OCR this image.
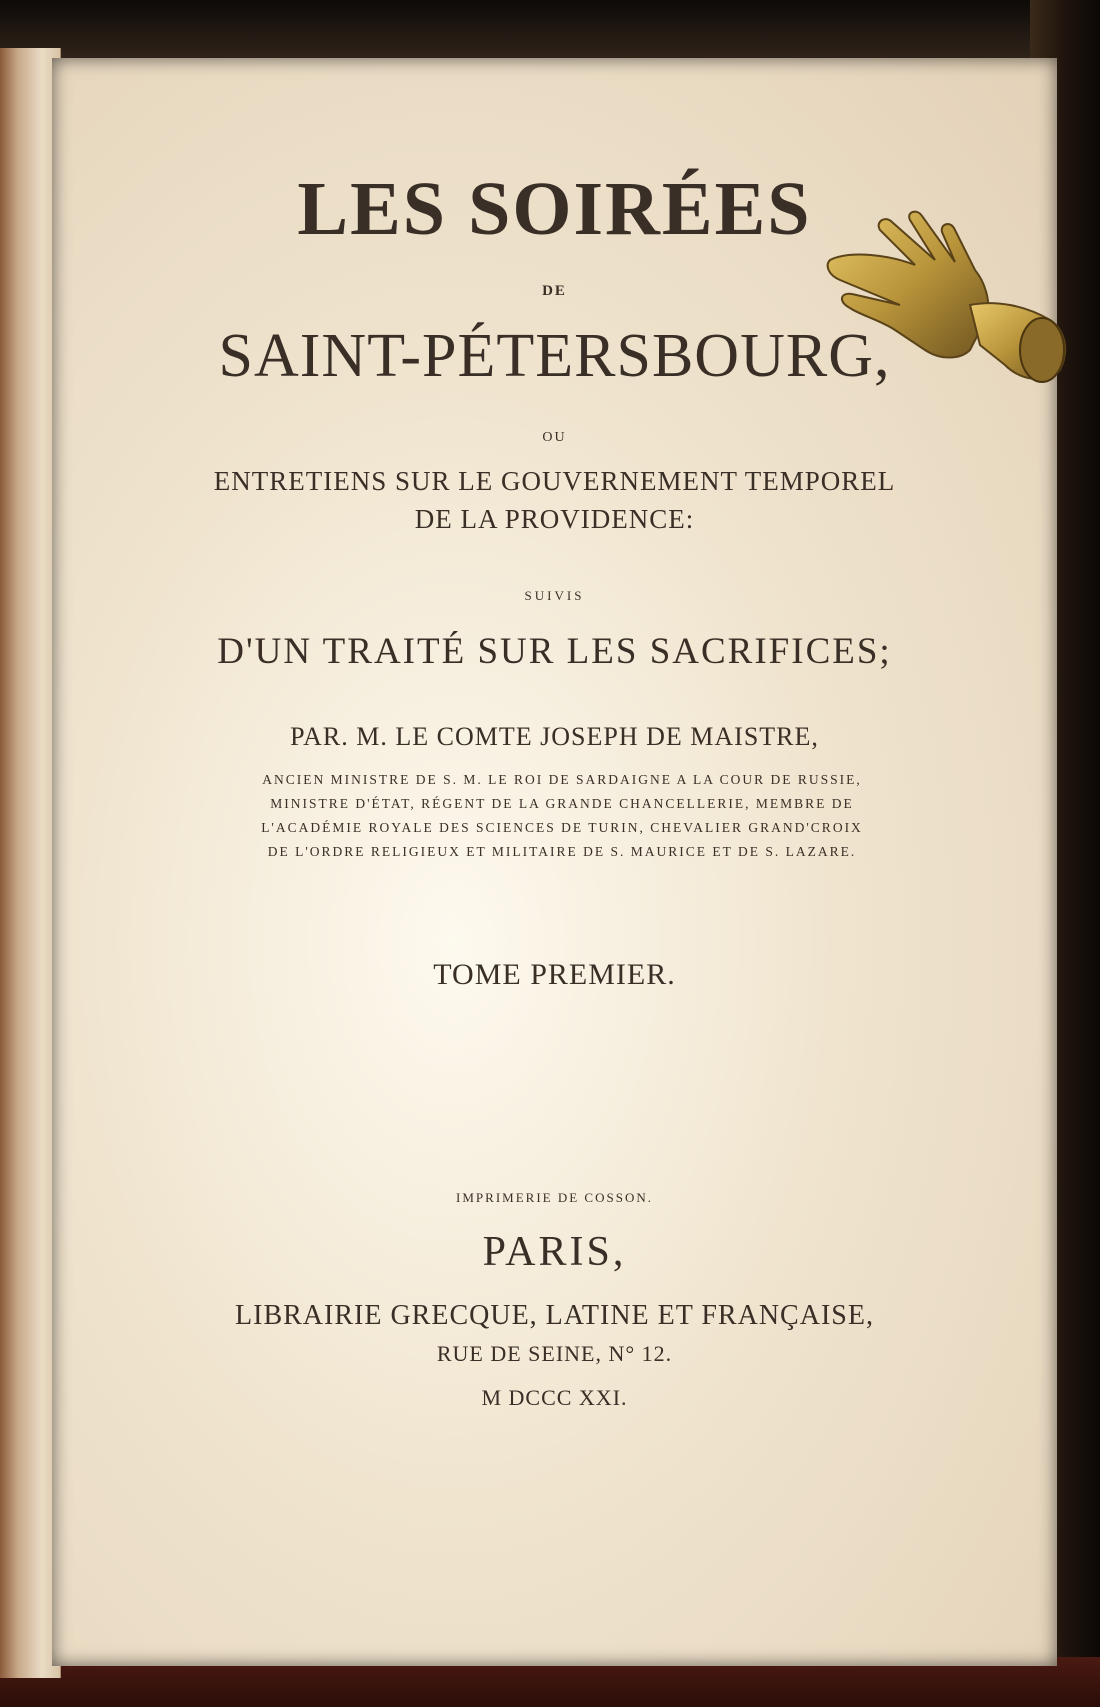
LES SOIRÉES
DE
SAINT-PÉTERSBOURG,
OU
ENTRETIENS SUR LE GOUVERNEMENT TEMPOREL
DE LA PROVIDENCE:
SUIVIS
D'UN TRAITÉ SUR LES SACRIFICES;
PAR. M. LE COMTE JOSEPH DE MAISTRE,
ANCIEN MINISTRE DE S. M. LE ROI DE SARDAIGNE A LA COUR DE RUSSIE,
MINISTRE D'ÉTAT, RÉGENT DE LA GRANDE CHANCELLERIE, MEMBRE DE
L'ACADÉMIE ROYALE DES SCIENCES DE TURIN, CHEVALIER GRAND'CROIX
DE L'ORDRE RELIGIEUX ET MILITAIRE DE S. MAURICE ET DE S. LAZARE.
TOME PREMIER.
IMPRIMERIE DE COSSON.
PARIS,
LIBRAIRIE GRECQUE, LATINE ET FRANÇAISE,
RUE DE SEINE, N° 12.
M DCCC XXI.
